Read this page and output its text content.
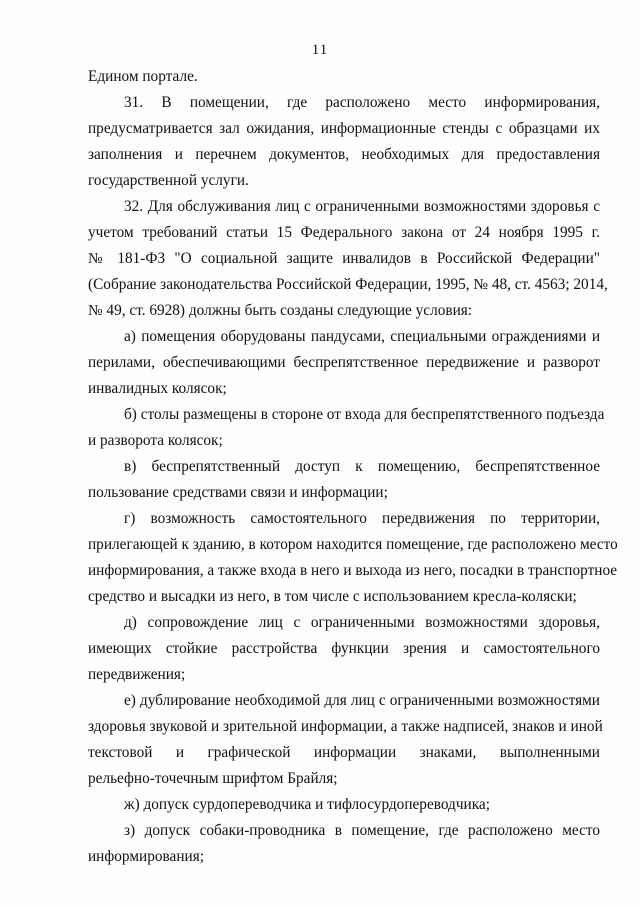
11
Едином портале.
31. В помещении, где расположено место информирования,
предусматривается зал ожидания, информационные стенды с образцами их
заполнения и перечнем документов, необходимых для предоставления
государственной услуги.
32. Для обслуживания лиц с ограниченными возможностями здоровья с
учетом требований статьи 15 Федерального закона от 24 ноября 1995 г.
№ 181-ФЗ "О социальной защите инвалидов в Российской Федерации"
(Собрание законодательства Российской Федерации, 1995, № 48, ст. 4563; 2014,
№ 49, ст. 6928) должны быть созданы следующие условия:
а) помещения оборудованы пандусами, специальными ограждениями и
перилами, обеспечивающими беспрепятственное передвижение и разворот
инвалидных колясок;
б) столы размещены в стороне от входа для беспрепятственного подъезда
и разворота колясок;
в) беспрепятственный доступ к помещению, беспрепятственное
пользование средствами связи и информации;
г) возможность самостоятельного передвижения по территории,
прилегающей к зданию, в котором находится помещение, где расположено место
информирования, а также входа в него и выхода из него, посадки в транспортное
средство и высадки из него, в том числе с использованием кресла-коляски;
д) сопровождение лиц с ограниченными возможностями здоровья,
имеющих стойкие расстройства функции зрения и самостоятельного
передвижения;
е) дублирование необходимой для лиц с ограниченными возможностями
здоровья звуковой и зрительной информации, а также надписей, знаков и иной
текстовой и графической информации знаками, выполненными
рельефно-точечным шрифтом Брайля;
ж) допуск сурдопереводчика и тифлосурдопереводчика;
з) допуск собаки-проводника в помещение, где расположено место
информирования;
